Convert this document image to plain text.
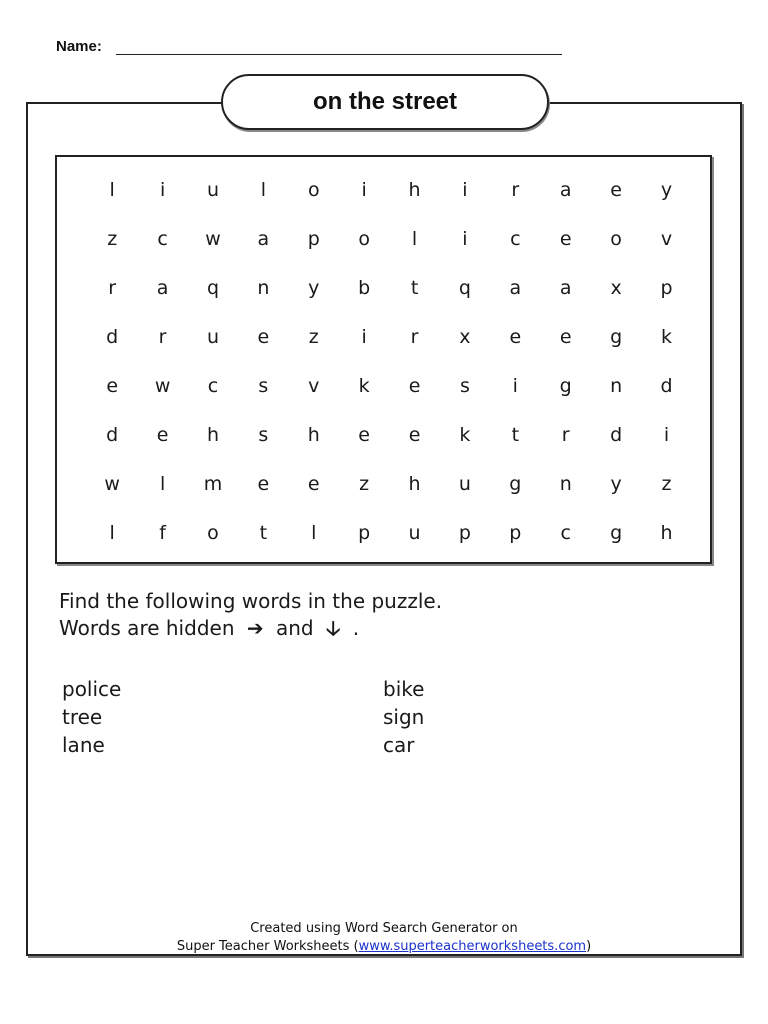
Name:
on the street
l	i	u	l	o	i	h	i	r	a	e	y
z	c	w	a	p	o	l	i	c	e	o	v
r	a	q	n	y	b	t	q	a	a	x	p
d	r	u	e	z	i	r	x	e	e	g	k
e	w	c	s	v	k	e	s	i	g	n	d
d	e	h	s	h	e	e	k	t	r	d	i
w	l	m	e	e	z	h	u	g	n	y	z
l	f	o	t	l	p	u	p	p	c	g	h
Find the following words in the puzzle.
Words are hidden ➔ and 🡣 .
police	bike
tree	sign
lane	car
Created using Word Search Generator on
Super Teacher Worksheets (www.superteacherworksheets.com)
